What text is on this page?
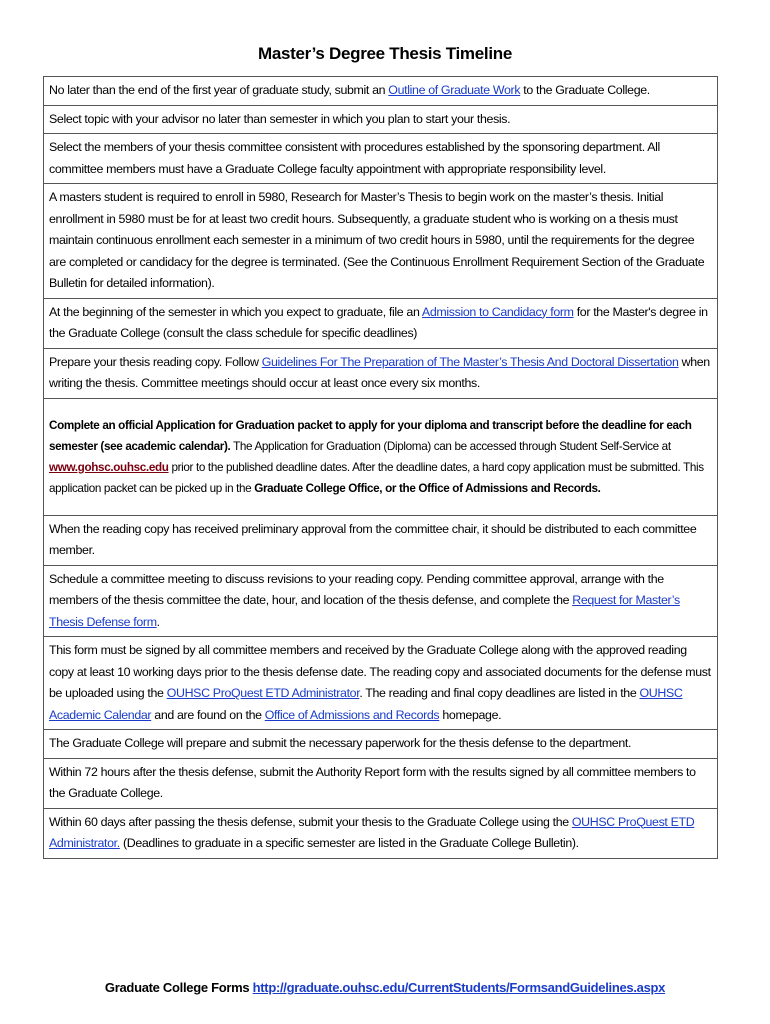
Master’s Degree Thesis Timeline
No later than the end of the first year of graduate study, submit an Outline of Graduate Work to the Graduate College.
Select topic with your advisor no later than semester in which you plan to start your thesis.
Select the members of your thesis committee consistent with procedures established by the sponsoring department. All committee members must have a Graduate College faculty appointment with appropriate responsibility level.
A masters student is required to enroll in 5980, Research for Master’s Thesis to begin work on the master’s thesis. Initial enrollment in 5980 must be for at least two credit hours. Subsequently, a graduate student who is working on a thesis must maintain continuous enrollment each semester in a minimum of two credit hours in 5980, until the requirements for the degree are completed or candidacy for the degree is terminated. (See the Continuous Enrollment Requirement Section of the Graduate Bulletin for detailed information).
At the beginning of the semester in which you expect to graduate, file an Admission to Candidacy form for the Master's degree in the Graduate College (consult the class schedule for specific deadlines)
Prepare your thesis reading copy. Follow Guidelines For The Preparation of The Master’s Thesis And Doctoral Dissertation when writing the thesis. Committee meetings should occur at least once every six months.
Complete an official Application for Graduation packet to apply for your diploma and transcript before the deadline for each semester (see academic calendar). The Application for Graduation (Diploma) can be accessed through Student Self-Service at www.gohsc.ouhsc.edu prior to the published deadline dates. After the deadline dates, a hard copy application must be submitted. This application packet can be picked up in the Graduate College Office, or the Office of Admissions and Records.
When the reading copy has received preliminary approval from the committee chair, it should be distributed to each committee member.
Schedule a committee meeting to discuss revisions to your reading copy. Pending committee approval, arrange with the members of the thesis committee the date, hour, and location of the thesis defense, and complete the Request for Master’s Thesis Defense form.
This form must be signed by all committee members and received by the Graduate College along with the approved reading copy at least 10 working days prior to the thesis defense date. The reading copy and associated documents for the defense must be uploaded using the OUHSC ProQuest ETD Administrator. The reading and final copy deadlines are listed in the OUHSC Academic Calendar and are found on the Office of Admissions and Records homepage.
The Graduate College will prepare and submit the necessary paperwork for the thesis defense to the department.
Within 72 hours after the thesis defense, submit the Authority Report form with the results signed by all committee members to the Graduate College.
Within 60 days after passing the thesis defense, submit your thesis to the Graduate College using the OUHSC ProQuest ETD Administrator. (Deadlines to graduate in a specific semester are listed in the Graduate College Bulletin).
Graduate College Forms http://graduate.ouhsc.edu/CurrentStudents/FormsandGuidelines.aspx
